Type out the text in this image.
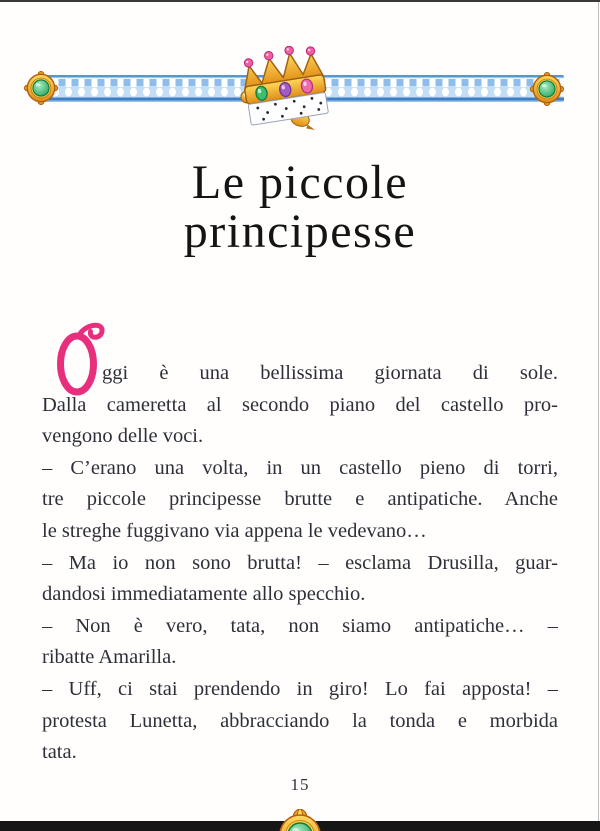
Le piccole
principesse
ggi è una bellissima giornata di sole.
Dalla cameretta al secondo piano del castello pro-
vengono delle voci.
– C’erano una volta, in un castello pieno di torri,
tre piccole principesse brutte e antipatiche. Anche
le streghe fuggivano via appena le vedevano…
– Ma io non sono brutta! – esclama Drusilla, guar-
dandosi immediatamente allo specchio.
– Non è vero, tata, non siamo antipatiche… –
ribatte Amarilla.
– Uff, ci stai prendendo in giro! Lo fai apposta! –
protesta Lunetta, abbracciando la tonda e morbida
tata.
15
